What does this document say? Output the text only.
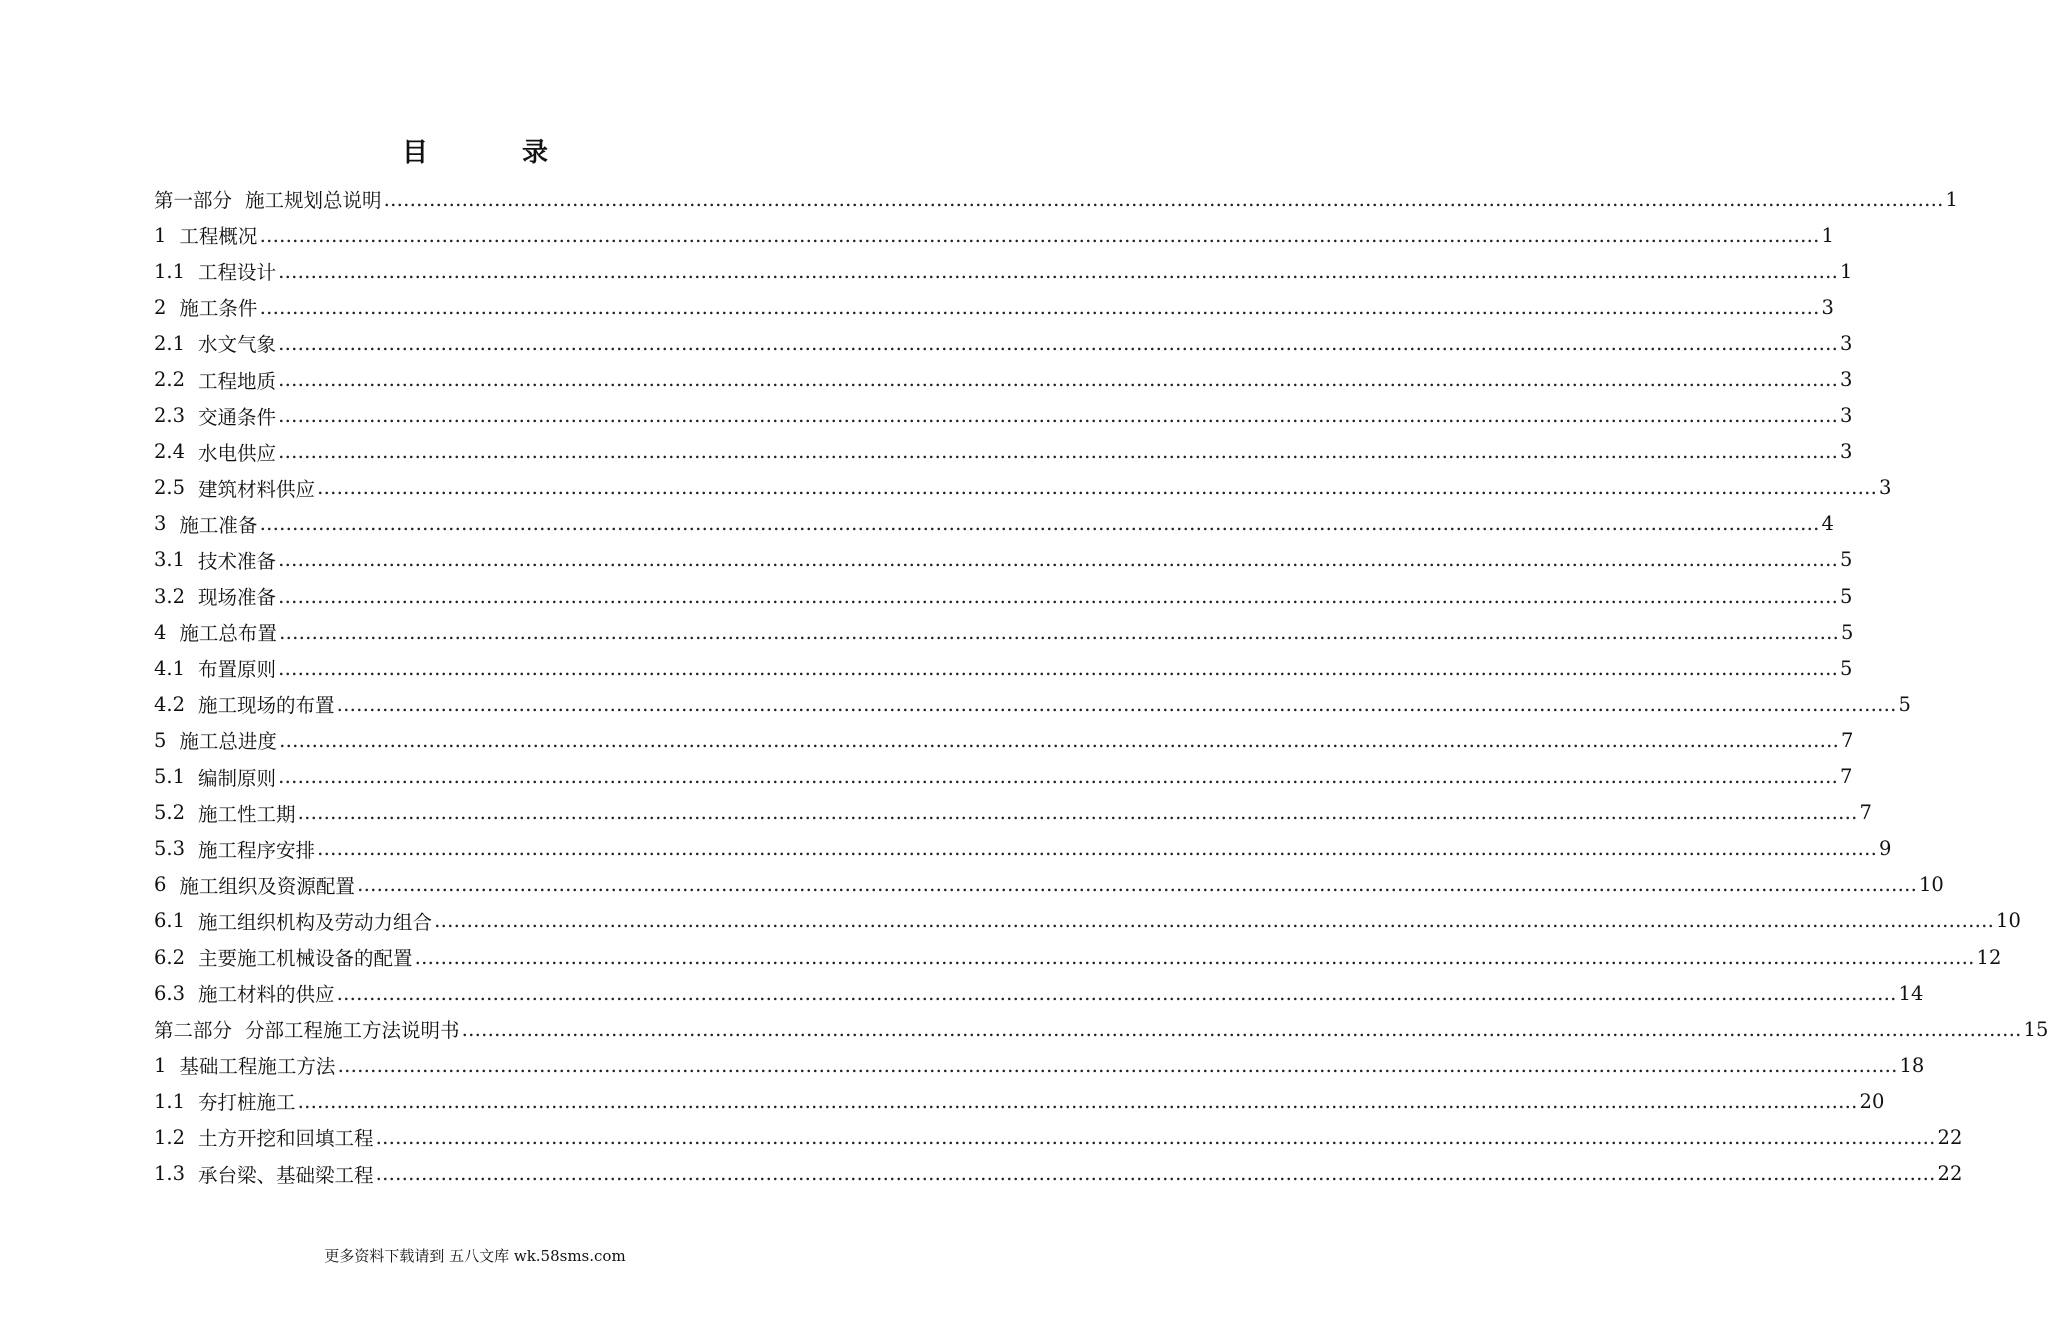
目　录
第一部分 施工规划总说明 …………………………………………………………………………………………………………………………………………………………………………………………………………………… 1
1 工程概况 …………………………………………………………………………………………………………………………………………………………………………………………………………………… 1
1.1 工程设计 …………………………………………………………………………………………………………………………………………………………………………………………………………………… 1
2 施工条件 …………………………………………………………………………………………………………………………………………………………………………………………………………………… 3
2.1 水文气象 …………………………………………………………………………………………………………………………………………………………………………………………………………………… 3
2.2 工程地质 …………………………………………………………………………………………………………………………………………………………………………………………………………………… 3
2.3 交通条件 …………………………………………………………………………………………………………………………………………………………………………………………………………………… 3
2.4 水电供应 …………………………………………………………………………………………………………………………………………………………………………………………………………………… 3
2.5 建筑材料供应 …………………………………………………………………………………………………………………………………………………………………………………………………………………… 3
3 施工准备 …………………………………………………………………………………………………………………………………………………………………………………………………………………… 4
3.1 技术准备 …………………………………………………………………………………………………………………………………………………………………………………………………………………… 5
3.2 现场准备 …………………………………………………………………………………………………………………………………………………………………………………………………………………… 5
4 施工总布置 …………………………………………………………………………………………………………………………………………………………………………………………………………………… 5
4.1 布置原则 …………………………………………………………………………………………………………………………………………………………………………………………………………………… 5
4.2 施工现场的布置 …………………………………………………………………………………………………………………………………………………………………………………………………………………… 5
5 施工总进度 …………………………………………………………………………………………………………………………………………………………………………………………………………………… 7
5.1 编制原则 …………………………………………………………………………………………………………………………………………………………………………………………………………………… 7
5.2 施工性工期 …………………………………………………………………………………………………………………………………………………………………………………………………………………… 7
5.3 施工程序安排 …………………………………………………………………………………………………………………………………………………………………………………………………………………… 9
6 施工组织及资源配置 …………………………………………………………………………………………………………………………………………………………………………………………………………………… 10
6.1 施工组织机构及劳动力组合 …………………………………………………………………………………………………………………………………………………………………………………………………………………… 10
6.2 主要施工机械设备的配置 …………………………………………………………………………………………………………………………………………………………………………………………………………………… 12
6.3 施工材料的供应 …………………………………………………………………………………………………………………………………………………………………………………………………………………… 14
第二部分 分部工程施工方法说明书 …………………………………………………………………………………………………………………………………………………………………………………………………………………… 15
1 基础工程施工方法 …………………………………………………………………………………………………………………………………………………………………………………………………………………… 18
1.1 夯打桩施工 …………………………………………………………………………………………………………………………………………………………………………………………………………………… 20
1.2 土方开挖和回填工程 …………………………………………………………………………………………………………………………………………………………………………………………………………………… 22
1.3 承台梁、基础梁工程 …………………………………………………………………………………………………………………………………………………………………………………………………………………… 22
更多资料下载请到 五八文库 wk.58sms.com
